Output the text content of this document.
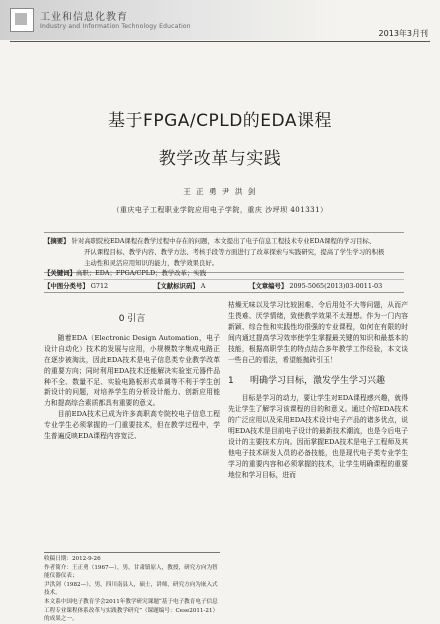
工业和信息化教育
Industry and Information Technology Education
2013年3月刊
基于FPGA/CPLD的EDA课程
教学改革与实践
王 正 勇 尹 洪 剑
（重庆电子工程职业学院应用电子学院，重庆 沙坪坝 401331）
【摘要】 针对高职院校EDA课程在教学过程中存在的问题，本文提出了电子信息工程技术专业EDA课程的学习目标、
开认课程目标、教学内容、教学方法、考核手段等方面进行了改革探索与实践研究，提高了学生学习的积极
主动性和灵活应用知识的能力，教学效果良好。
【关键词】高职；EDA；FPGA/CPLD；教学改革；实践
【中图分类号】 G712	【文献标识码】 A	【文章编号】 2095-5065(2013)03-0011-03
0 引言

随着EDA（Electronic Design Automation，电子设计自动化）技术的发展与应用，小规模数字集成电路正在逐步被淘汰，因此EDA技术是电子信息类专业教学改革的重要方向；同时利用EDA技术还能解决实验室元器件品种不全、数量不足、实验电路板形式单调等不利于学生创新设计的问题，对培养学生的分析设计能力、创新应用能力和提高综合素质都具有重要的意义。

目前EDA技术已成为许多高职高专院校电子信息工程专业学生必须掌握的一门重要技术，但在教学过程中，学生普遍反映EDA课程内容宽泛、

收稿日期：2012-9-26
作者简介：王正勇（1967—），男，甘肃镇原人，教授，研究方向为智能仪器仪表；
尹洪剑（1982—），男，四川南县人，硕士，讲师，研究方向为嵌入式技术。
本文系中国电子教育学会2011年教学研究课题“基于电子教育电子信息工程专业课程体系改革与实践教学研究”（课题编号：Cese2011-21）的成果之一。

枯燥无味以及学习比较困难、令后用处不大等问题，从而产生畏难、厌学情绪，致使教学效果不太理想。作为一门内容新颖、综合性和实践性均很强的专业课程，如何在有限的时间内通过提高学习效率使学生掌握最关键的知识和最基本的技能，根据高职学生的特点结合多年教学工作经验，本文谈一些自己的看法，希望能抛砖引玉！

1 明确学习目标，激发学生学习兴趣

目标是学习的动力，要让学生对EDA课程感兴趣，就得先让学生了解学习该课程的目的和意义。通过介绍EDA技术的广泛应用以及采用EDA技术设计电子产品的诸多优点，说明EDA技术是目前电子设计的最新技术潮流，也是今后电子设计的主要技术方向。因而掌握EDA技术是电子工程师及其他电子技术研发人员的必备技能，也是现代电子类专业学生学习的重要内容和必须掌握的技术，让学生明确课程的重要地位和学习目标，进而
